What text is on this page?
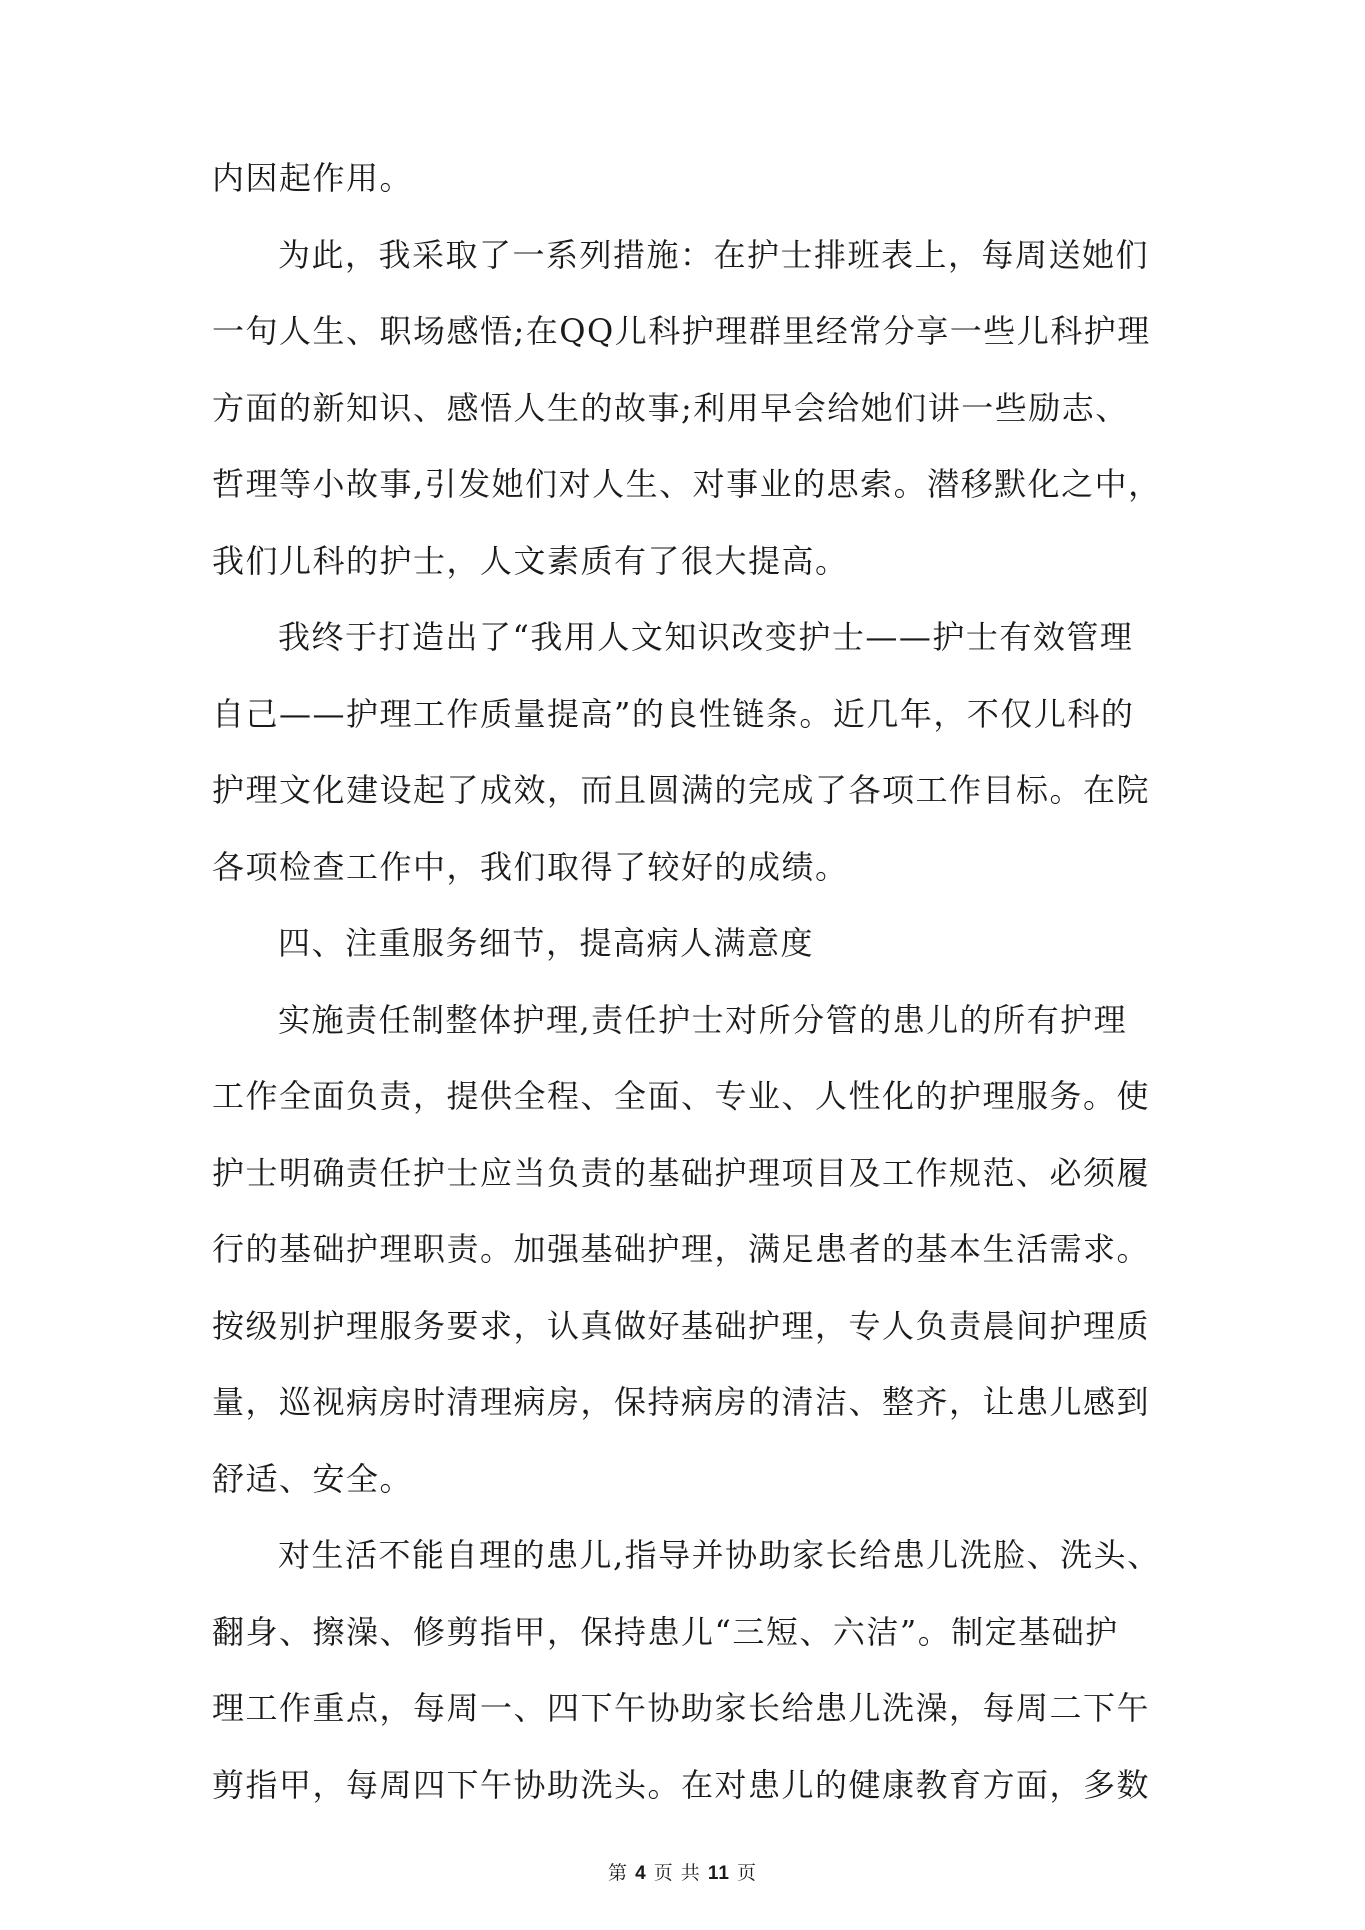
内因起作用。
为此，我采取了一系列措施：在护士排班表上，每周送她们
一句人生、职场感悟;在QQ儿科护理群里经常分享一些儿科护理
方面的新知识、感悟人生的故事;利用早会给她们讲一些励志、
哲理等小故事,引发她们对人生、对事业的思索。潜移默化之中，
我们儿科的护士，人文素质有了很大提高。
我终于打造出了“我用人文知识改变护士——护士有效管理
自己——护理工作质量提高”的良性链条。近几年，不仅儿科的
护理文化建设起了成效，而且圆满的完成了各项工作目标。在院
各项检查工作中，我们取得了较好的成绩。
四、注重服务细节，提高病人满意度
实施责任制整体护理,责任护士对所分管的患儿的所有护理
工作全面负责，提供全程、全面、专业、人性化的护理服务。使
护士明确责任护士应当负责的基础护理项目及工作规范、必须履
行的基础护理职责。加强基础护理，满足患者的基本生活需求。
按级别护理服务要求，认真做好基础护理，专人负责晨间护理质
量，巡视病房时清理病房，保持病房的清洁、整齐，让患儿感到
舒适、安全。
对生活不能自理的患儿,指导并协助家长给患儿洗脸、洗头、
翻身、擦澡、修剪指甲，保持患儿“三短、六洁”。制定基础护
理工作重点，每周一、四下午协助家长给患儿洗澡，每周二下午
剪指甲，每周四下午协助洗头。在对患儿的健康教育方面，多数
第 4 页 共 11 页
